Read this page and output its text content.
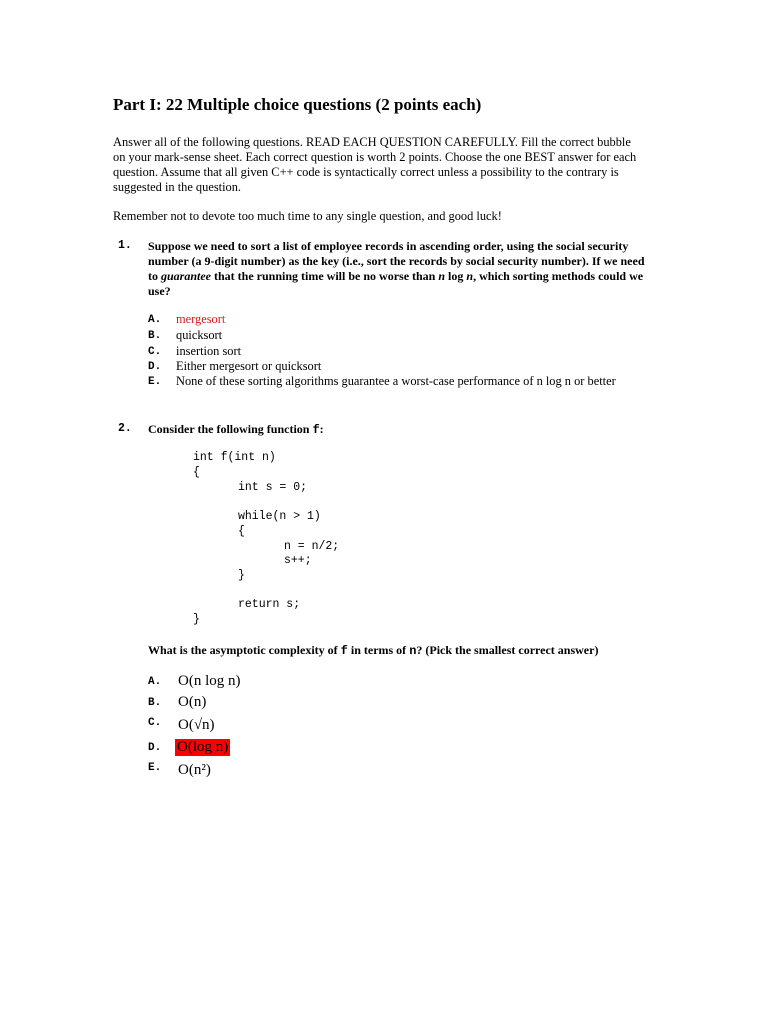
Part I: 22 Multiple choice questions (2 points each)
Answer all of the following questions. READ EACH QUESTION CAREFULLY. Fill the correct bubble on your mark-sense sheet. Each correct question is worth 2 points. Choose the one BEST answer for each question. Assume that all given C++ code is syntactically correct unless a possibility to the contrary is suggested in the question.
Remember not to devote too much time to any single question, and good luck!
1. Suppose we need to sort a list of employee records in ascending order, using the social security number (a 9-digit number) as the key (i.e., sort the records by social security number). If we need to guarantee that the running time will be no worse than n log n, which sorting methods could we use?
A. mergesort
B. quicksort
C. insertion sort
D. Either mergesort or quicksort
E. None of these sorting algorithms guarantee a worst-case performance of n log n or better
2. Consider the following function f:
int f(int n)
{
int s = 0;
while(n > 1)
{
n = n/2;
s++;
}
return s;
}
What is the asymptotic complexity of f in terms of n? (Pick the smallest correct answer)
A. O(n log n)
B. O(n)
C. O(√n)
D. O(log n)
E. O(n²)
